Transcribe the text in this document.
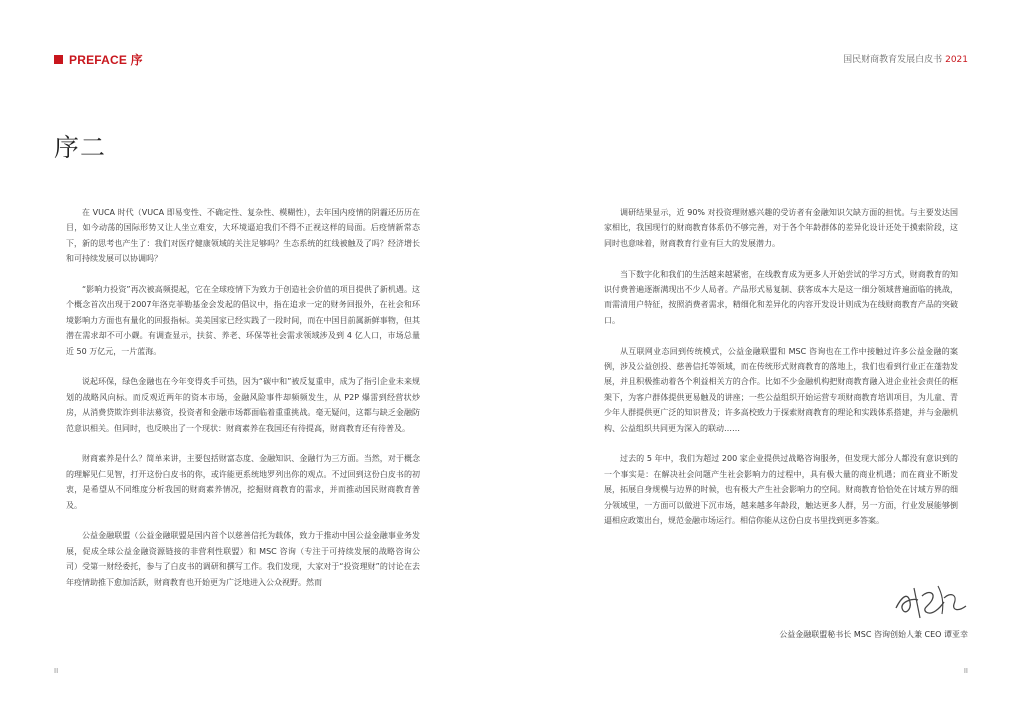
PREFACE 序	国民财商教育发展白皮书 2021
序二

在 VUCA 时代（VUCA 即易变性、不确定性、复杂性、模糊性），去年国内疫情的阴霾还历历在目，如今动荡的国际形势又让人坐立难安，大环境逼迫我们不得不正视这样的局面。后疫情新常态下，新的思考也产生了：我们对医疗健康领域的关注足够吗？生态系统的红线被触及了吗？经济增长和可持续发展可以协调吗？

“影响力投资”再次被高频提起，它在全球疫情下为致力于创造社会价值的项目提供了新机遇。这个概念首次出现于2007年洛克菲勒基金会发起的倡议中，指在追求一定的财务回报外，在社会和环境影响力方面也有量化的回报指标。美美国家已经实践了一段时间，而在中国目前属新鲜事物，但其潜在需求却不可小觑。有调查显示，扶贫、养老、环保等社会需求领域涉及到 4 亿人口，市场总量近 50 万亿元，一片蓝海。

说起环保，绿色金融也在今年变得炙手可热，因为“碳中和”被反复重申，成为了指引企业未来规划的战略风向标。而反观近两年的资本市场，金融风险事件却频频发生，从 P2P 爆雷到经营状炒房，从消费贷欺诈到非法募资，投资者和金融市场都面临着重重挑战。毫无疑问，这都与缺乏金融防范意识相关。但同时，也反映出了一个现状：财商素养在我国还有待提高，财商教育还有待普及。

财商素养是什么？简单来讲，主要包括财富态度、金融知识、金融行为三方面。当然，对于概念的理解见仁见智，打开这份白皮书的你，或许能更系统地罗列出你的观点。不过回到这份白皮书的初衷，是希望从不同维度分析我国的财商素养情况，挖掘财商教育的需求，并而推动国民财商教育普及。

公益金融联盟（公益金融联盟是国内首个以慈善信托为载体，致力于推动中国公益金融事业务发展，促成全球公益金融资源链接的非营利性联盟）和 MSC 咨询（专注于可持续发展的战略咨询公司）受第一财经委托，参与了白皮书的调研和撰写工作。我们发现，大家对于“投资理财”的讨论在去年疫情助推下愈加活跃，财商教育也开始更为广泛地进入公众视野。然而

调研结果显示，近 90% 对投资理财感兴趣的受访者有金融知识欠缺方面的担忧。与主要发达国家相比，我国现行的财商教育体系仍不够完善，对于各个年龄群体的差异化设计还处于摸索阶段，这同时也意味着，财商教育行业有巨大的发展潜力。

当下数字化和我们的生活越来越紧密，在线教育成为更多人开始尝试的学习方式，财商教育的知识付费普遍逐渐满现出不少人局者。产品形式易复制、获客成本大是这一细分领域普遍面临的挑战，而需清用户特征，按照消费者需求，精细化和差异化的内容开发设计则成为在线财商教育产品的突破口。

从互联网业态回到传统模式，公益金融联盟和 MSC 咨询也在工作中接触过许多公益金融的案例，涉及公益创投、慈善信托等领域，而在传统形式财商教育的落地上，我们也看到行业正在蓬勃发展，并且积极推动着各个利益相关方的合作。比如不少金融机构把财商教育融入进企业社会责任的框架下，为客户群体提供更易触及的讲座；一些公益组织开始运营专项财商教育培训项目，为儿童、青少年人群提供更广泛的知识普及；许多高校致力于探索财商教育的理论和实践体系搭建，并与金融机构、公益组织共同更为深入的联动……

过去的 5 年中，我们为超过 200 家企业提供过战略咨询服务，但发现大部分人都没有意识到的一个事实是：在解决社会问题产生社会影响力的过程中，具有极大量的商业机遇；而在商业不断发展，拓展自身规模与边界的时候，也有极大产生社会影响力的空间。财商教育恰恰处在讨域方界的细分领域里，一方面可以做进下沉市场，越来越多年龄段，触达更多人群，另一方面，行业发展能够倒逼相应政策出台，规范金融市场运行。相信你能从这份白皮书里找到更多答案。

公益金融联盟秘书长 MSC 咨询创始人兼 CEO 谭亚幸
II	II
